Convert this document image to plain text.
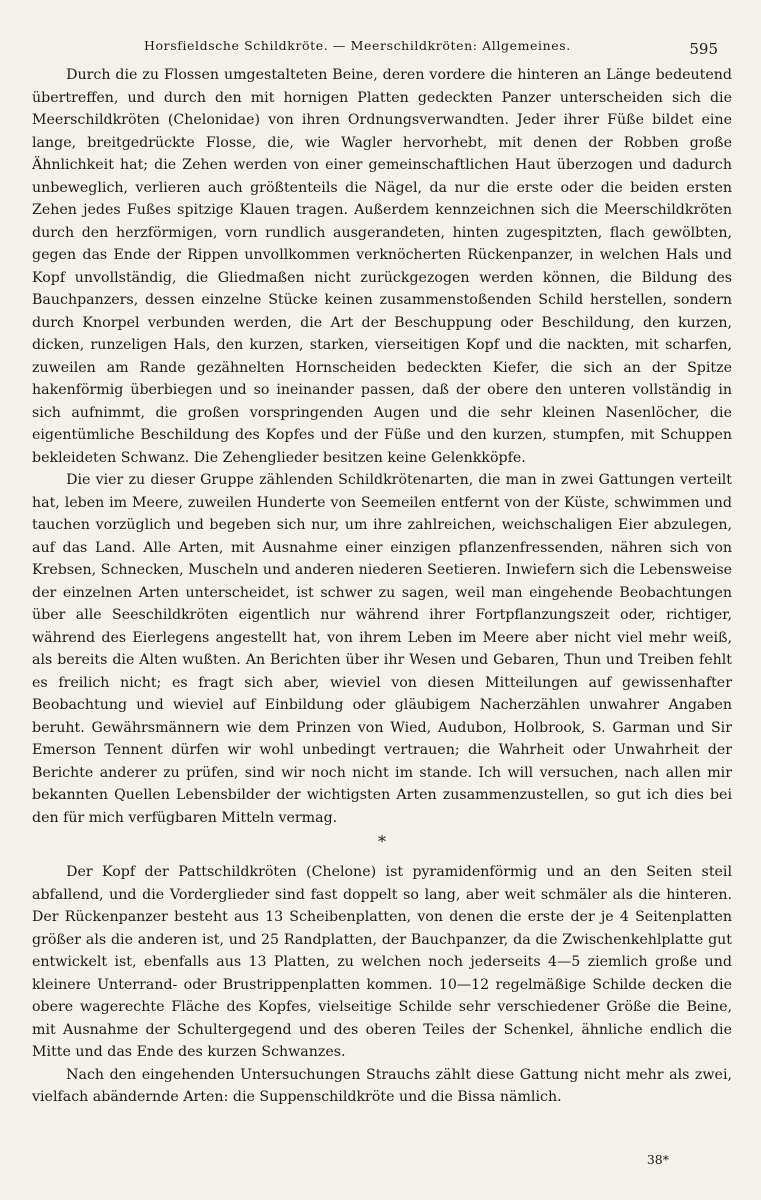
Horsfieldsche Schildkröte. — Meerschildkröten: Allgemeines.	595

Durch die zu Flossen umgestalteten Beine, deren vordere die hinteren an Länge bedeutend übertreffen, und durch den mit hornigen Platten gedeckten Panzer unterscheiden sich die Meerschildkröten (Chelonidae) von ihren Ordnungsverwandten. Jeder ihrer Füße bildet eine lange, breitgedrückte Flosse, die, wie Wagler hervorhebt, mit denen der Robben große Ähnlichkeit hat; die Zehen werden von einer gemeinschaftlichen Haut überzogen und dadurch unbeweglich, verlieren auch größtenteils die Nägel, da nur die erste oder die beiden ersten Zehen jedes Fußes spitzige Klauen tragen. Außerdem kennzeichnen sich die Meerschildkröten durch den herzförmigen, vorn rundlich ausgerandeten, hinten zugespitzten, flach gewölbten, gegen das Ende der Rippen unvollkommen verknöcherten Rückenpanzer, in welchen Hals und Kopf unvollständig, die Gliedmaßen nicht zurückgezogen werden können, die Bildung des Bauchpanzers, dessen einzelne Stücke keinen zusammenstoßenden Schild herstellen, sondern durch Knorpel verbunden werden, die Art der Beschuppung oder Beschildung, den kurzen, dicken, runzeligen Hals, den kurzen, starken, vierseitigen Kopf und die nackten, mit scharfen, zuweilen am Rande gezähnelten Hornscheiden bedeckten Kiefer, die sich an der Spitze hakenförmig überbiegen und so ineinander passen, daß der obere den unteren vollständig in sich aufnimmt, die großen vorspringenden Augen und die sehr kleinen Nasenlöcher, die eigentümliche Beschildung des Kopfes und der Füße und den kurzen, stumpfen, mit Schuppen bekleideten Schwanz. Die Zehenglieder besitzen keine Gelenkköpfe.

Die vier zu dieser Gruppe zählenden Schildkrötenarten, die man in zwei Gattungen verteilt hat, leben im Meere, zuweilen Hunderte von Seemeilen entfernt von der Küste, schwimmen und tauchen vorzüglich und begeben sich nur, um ihre zahlreichen, weichschaligen Eier abzulegen, auf das Land. Alle Arten, mit Ausnahme einer einzigen pflanzenfressenden, nähren sich von Krebsen, Schnecken, Muscheln und anderen niederen Seetieren. Inwiefern sich die Lebensweise der einzelnen Arten unterscheidet, ist schwer zu sagen, weil man eingehende Beobachtungen über alle Seeschildkröten eigentlich nur während ihrer Fortpflanzungszeit oder, richtiger, während des Eierlegens angestellt hat, von ihrem Leben im Meere aber nicht viel mehr weiß, als bereits die Alten wußten. An Berichten über ihr Wesen und Gebaren, Thun und Treiben fehlt es freilich nicht; es fragt sich aber, wieviel von diesen Mitteilungen auf gewissenhafter Beobachtung und wieviel auf Einbildung oder gläubigem Nacherzählen unwahrer Angaben beruht. Gewährsmännern wie dem Prinzen von Wied, Audubon, Holbrook, S. Garman und Sir Emerson Tennent dürfen wir wohl unbedingt vertrauen; die Wahrheit oder Unwahrheit der Berichte anderer zu prüfen, sind wir noch nicht im stande. Ich will versuchen, nach allen mir bekannten Quellen Lebensbilder der wichtigsten Arten zusammenzustellen, so gut ich dies bei den für mich verfügbaren Mitteln vermag.

*

Der Kopf der Pattschildkröten (Chelone) ist pyramidenförmig und an den Seiten steil abfallend, und die Vorderglieder sind fast doppelt so lang, aber weit schmäler als die hinteren. Der Rückenpanzer besteht aus 13 Scheibenplatten, von denen die erste der je 4 Seitenplatten größer als die anderen ist, und 25 Randplatten, der Bauchpanzer, da die Zwischenkehlplatte gut entwickelt ist, ebenfalls aus 13 Platten, zu welchen noch jederseits 4—5 ziemlich große und kleinere Unterrand- oder Brustrippenplatten kommen. 10—12 regelmäßige Schilde decken die obere wagerechte Fläche des Kopfes, vielseitige Schilde sehr verschiedener Größe die Beine, mit Ausnahme der Schultergegend und des oberen Teiles der Schenkel, ähnliche endlich die Mitte und das Ende des kurzen Schwanzes.

Nach den eingehenden Untersuchungen Strauchs zählt diese Gattung nicht mehr als zwei, vielfach abändernde Arten: die Suppenschildkröte und die Bissa nämlich.

38*
